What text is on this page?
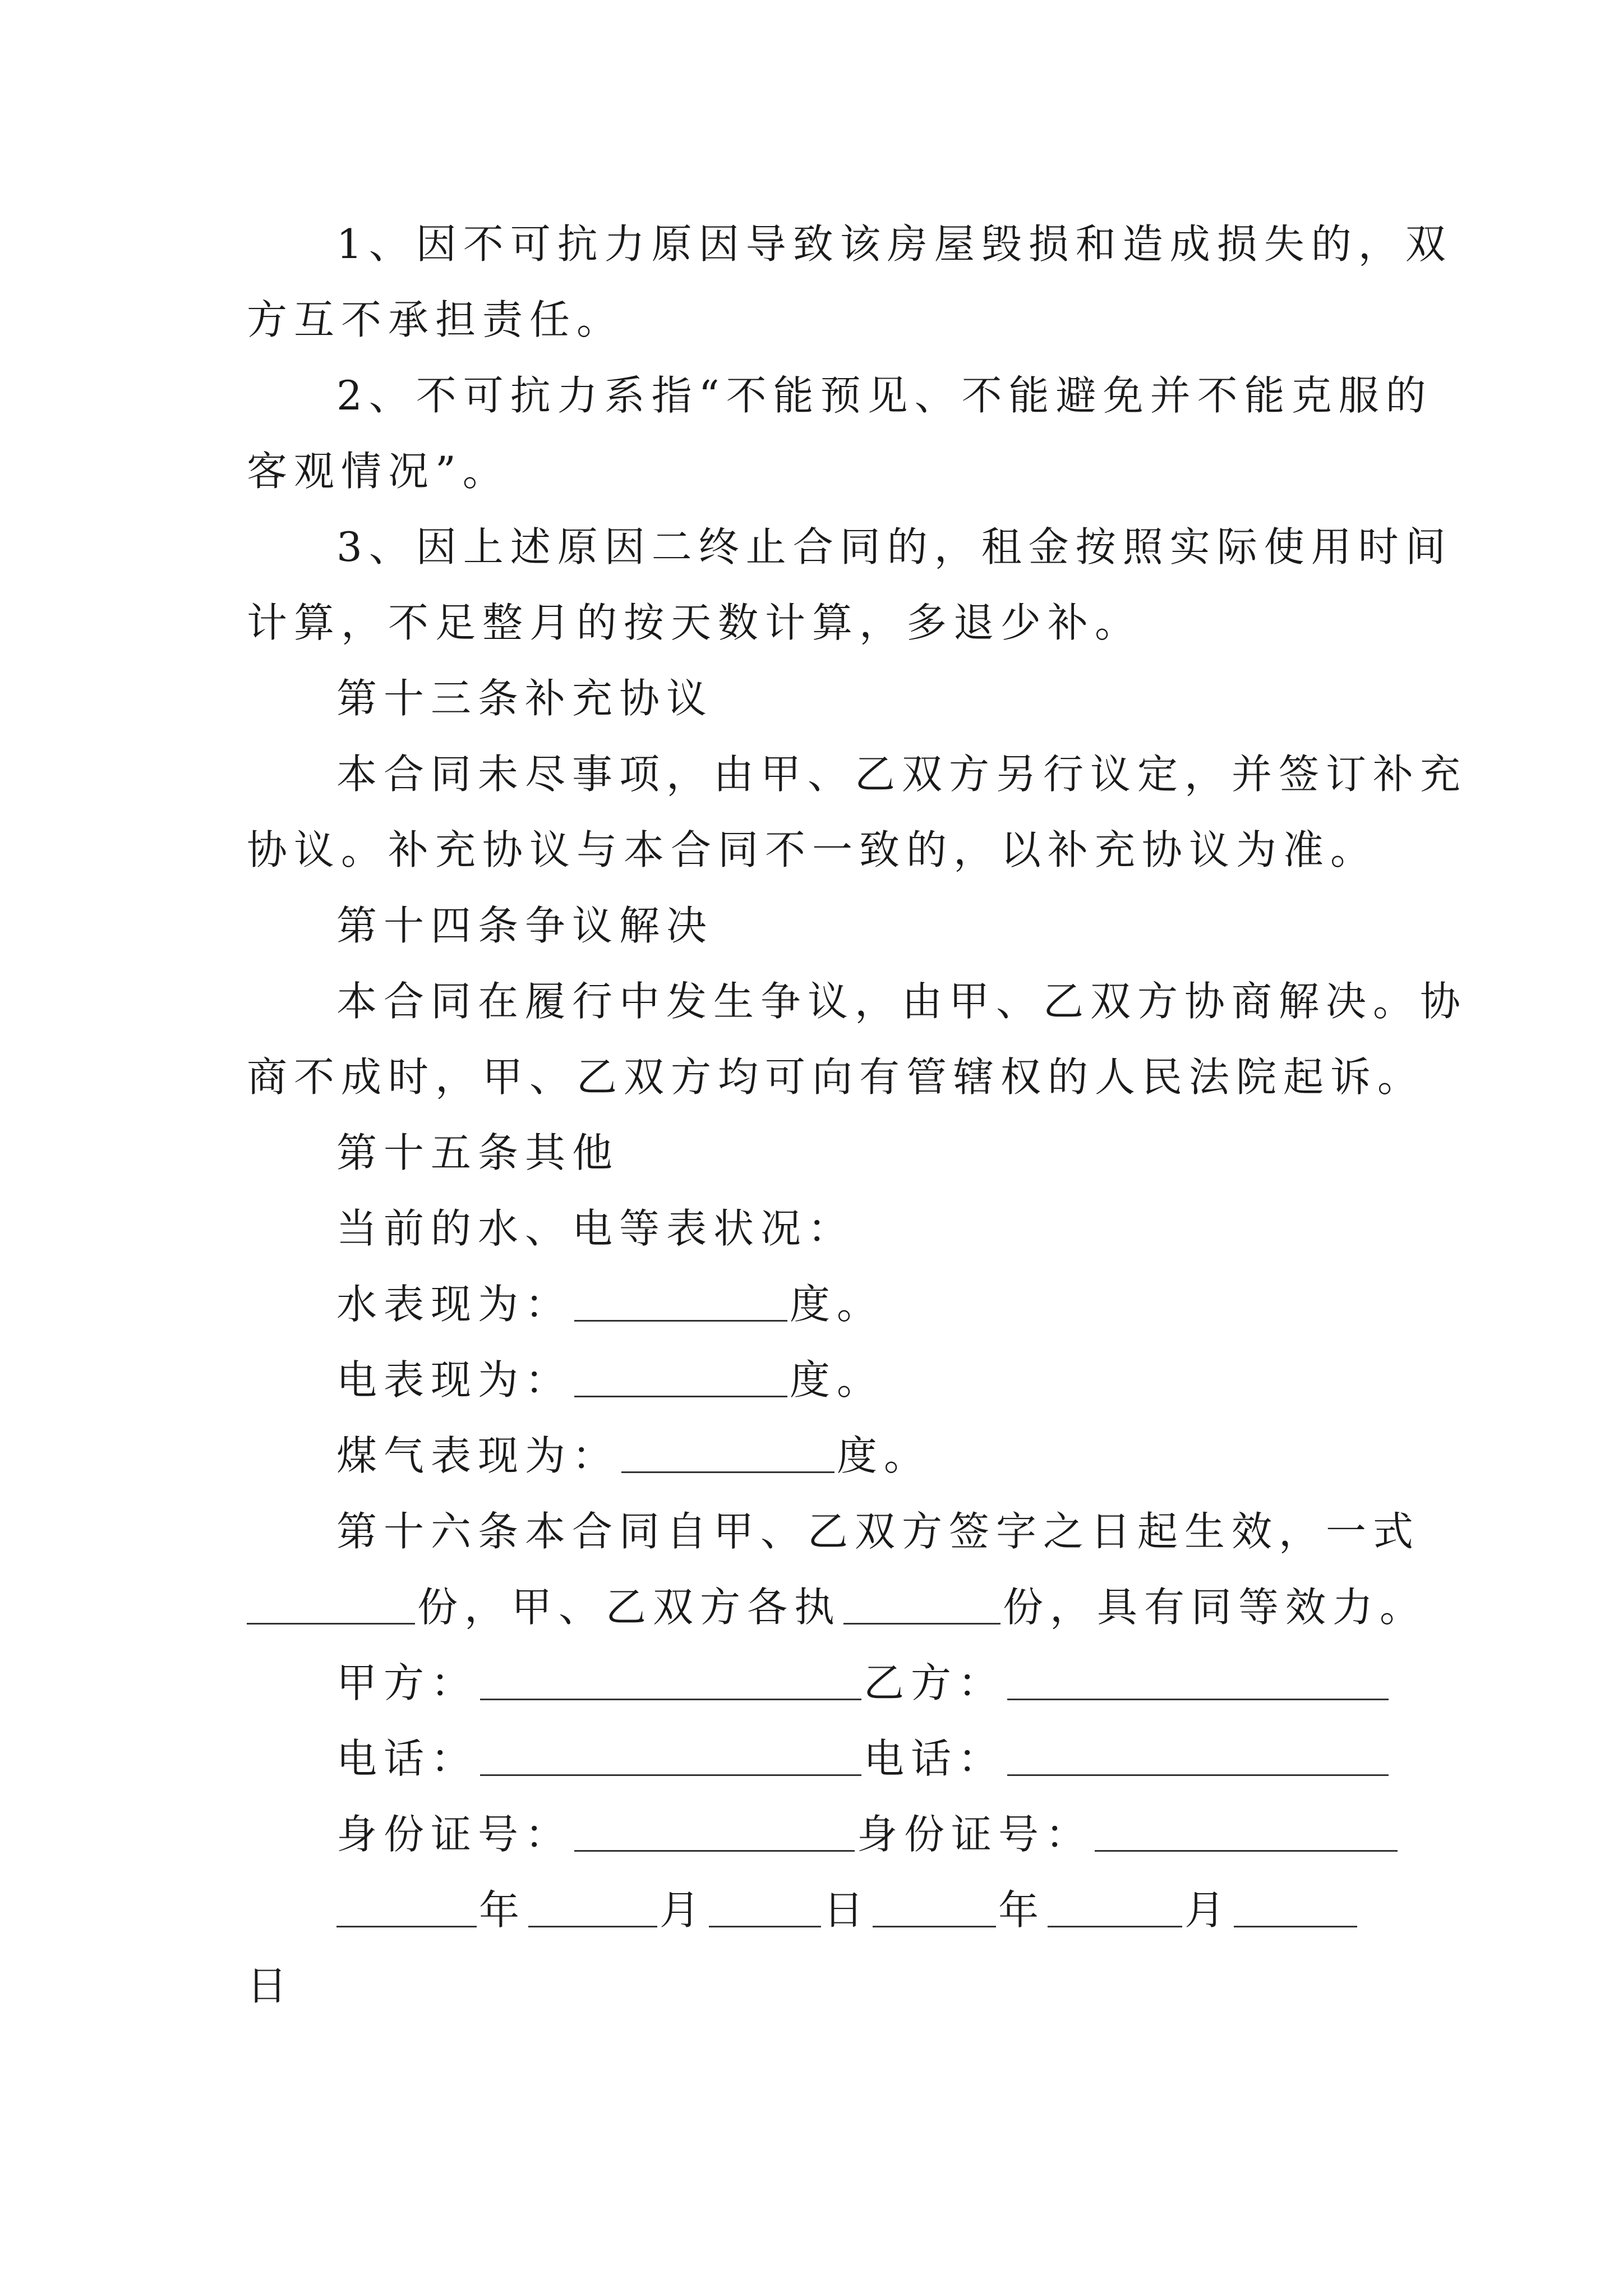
1、因不可抗力原因导致该房屋毁损和造成损失的，双
方互不承担责任。
2、不可抗力系指“不能预见、不能避免并不能克服的
客观情况”。
3、因上述原因二终止合同的，租金按照实际使用时间
计算，不足整月的按天数计算，多退少补。
第十三条补充协议
本合同未尽事项，由甲、乙双方另行议定，并签订补充
协议。补充协议与本合同不一致的，以补充协议为准。
第十四条争议解决
本合同在履行中发生争议，由甲、乙双方协商解决。协
商不成时，甲、乙双方均可向有管辖权的人民法院起诉。
第十五条其他
当前的水、电等表状况：
水表现为：	度。
电表现为：	度。
煤气表现为：	度。
第十六条本合同自甲、乙双方签字之日起生效，一式
份，甲、乙双方各执	份，具有同等效力。
甲方：	乙方：
电话：	电话：
身份证号：	身份证号：
年	月	日	年	月
日
